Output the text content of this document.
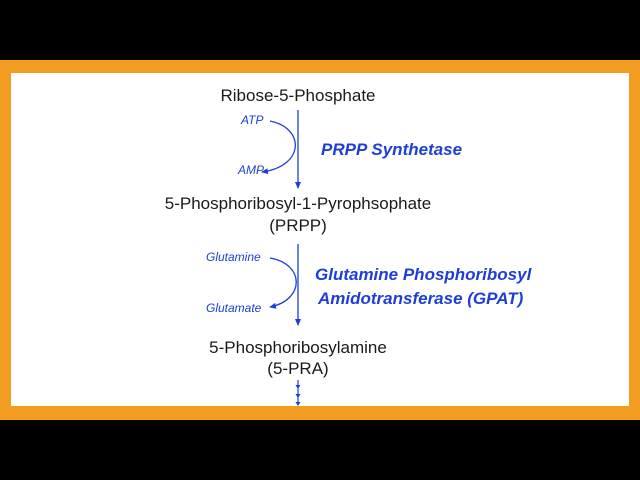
Ribose-5-Phosphate
ATP
AMP
PRPP Synthetase
5-Phosphoribosyl-1-Pyrophsophate
(PRPP)
Glutamine
Glutamate
Glutamine Phosphoribosyl
Amidotransferase (GPAT)
5-Phosphoribosylamine
(5-PRA)
